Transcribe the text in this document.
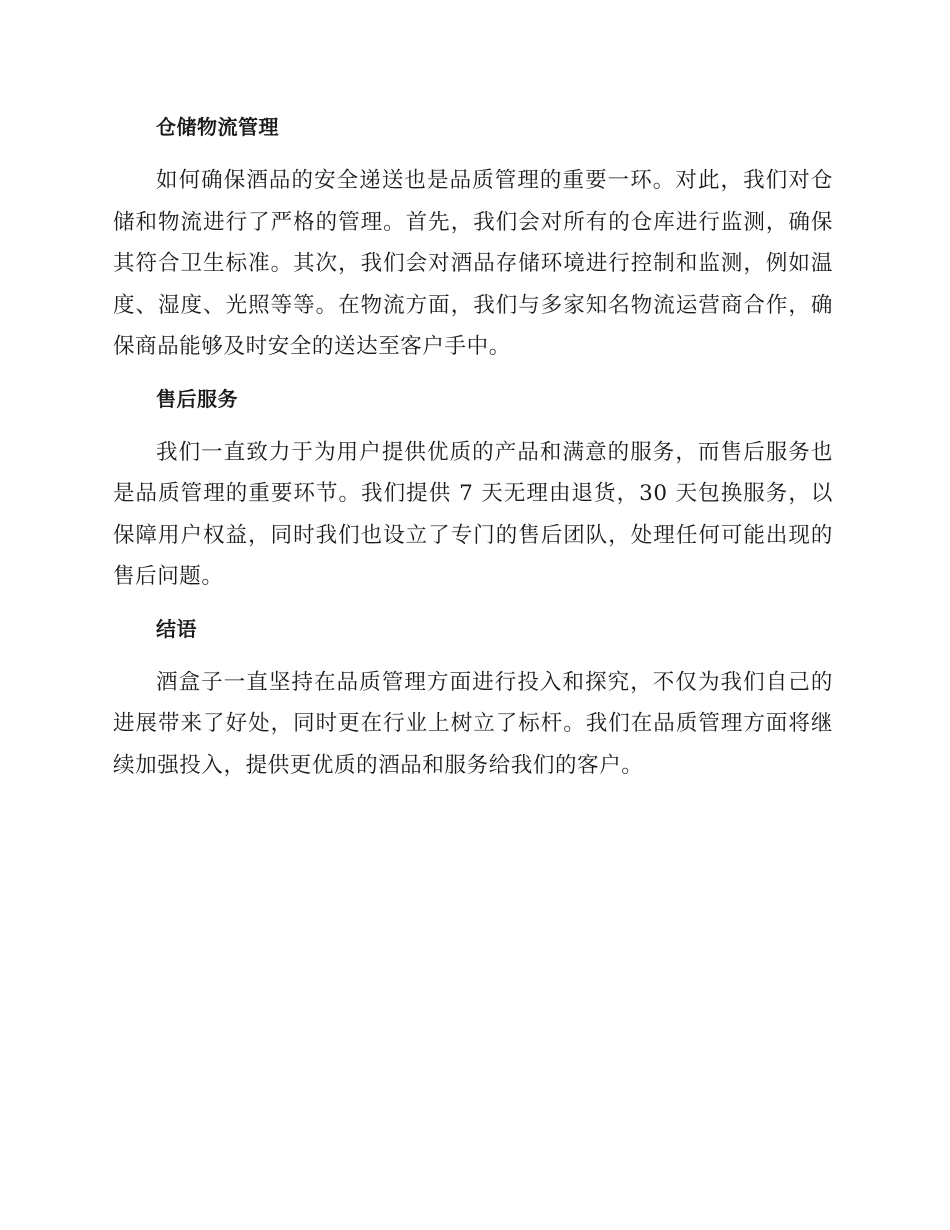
仓储物流管理

如何确保酒品的安全递送也是品质管理的重要一环。对此，我们对仓储和物流进行了严格的管理。首先，我们会对所有的仓库进行监测，确保其符合卫生标准。其次，我们会对酒品存储环境进行控制和监测，例如温度、湿度、光照等等。在物流方面，我们与多家知名物流运营商合作，确保商品能够及时安全的送达至客户手中。

售后服务

我们一直致力于为用户提供优质的产品和满意的服务，而售后服务也是品质管理的重要环节。我们提供 7 天无理由退货，30 天包换服务，以保障用户权益，同时我们也设立了专门的售后团队，处理任何可能出现的售后问题。

结语

酒盒子一直坚持在品质管理方面进行投入和探究，不仅为我们自己的进展带来了好处，同时更在行业上树立了标杆。我们在品质管理方面将继续加强投入，提供更优质的酒品和服务给我们的客户。
